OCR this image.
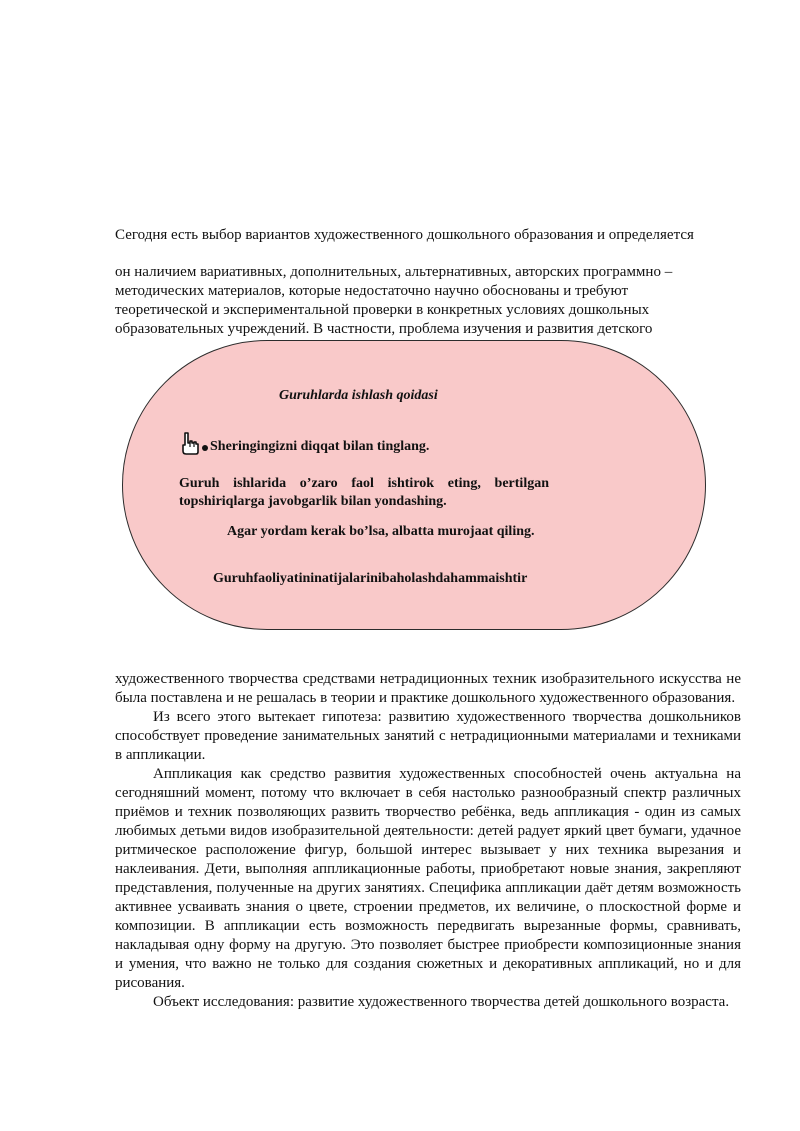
Сегодня есть выбор вариантов художественного дошкольного образования и определяется

он наличием вариативных, дополнительных, альтернативных, авторских программно –

методических материалов, которые недостаточно научно обоснованы и требуют

теоретической и экспериментальной проверки в конкретных условиях дошкольных

образовательных учреждений. В частности, проблема изучения и развития детского

Guruhlarda ishlash qoidasi
Sheringingizni diqqat bilan tinglang.

Guruh ishlarida o’zaro faol ishtirok eting, bertilgan topshiriqlarga javobgarlik bilan yondashing.

Agar yordam kerak bo’lsa, albatta murojaat qiling.

Guruhfaoliyatininatijalarinibaholashdahammaishtir

художественного творчества средствами нетрадиционных техник изобразительного искусства не была поставлена и не решалась в теории и практике дошкольного художественного образования.

Из всего этого вытекает гипотеза: развитию художественного творчества дошкольников способствует проведение занимательных занятий с нетрадиционными материалами и техниками в аппликации.

Аппликация как средство развития художественных способностей очень актуальна на сегодняшний момент, потому что включает в себя настолько разнообразный спектр различных приёмов и техник позволяющих развить творчество ребёнка, ведь аппликация - один из самых любимых детьми видов изобразительной деятельности: детей радует яркий цвет бумаги, удачное ритмическое расположение фигур, большой интерес вызывает у них техника вырезания и наклеивания. Дети, выполняя аппликационные работы, приобретают новые знания, закрепляют представления, полученные на других занятиях. Специфика аппликации даёт детям возможность активнее усваивать знания о цвете, строении предметов, их величине, о плоскостной форме и композиции. В аппликации есть возможность передвигать вырезанные формы, сравнивать, накладывая одну форму на другую. Это позволяет быстрее приобрести композиционные знания и умения, что важно не только для создания сюжетных и декоративных аппликаций, но и для рисования.

Объект исследования: развитие художественного творчества детей дошкольного возраста.
